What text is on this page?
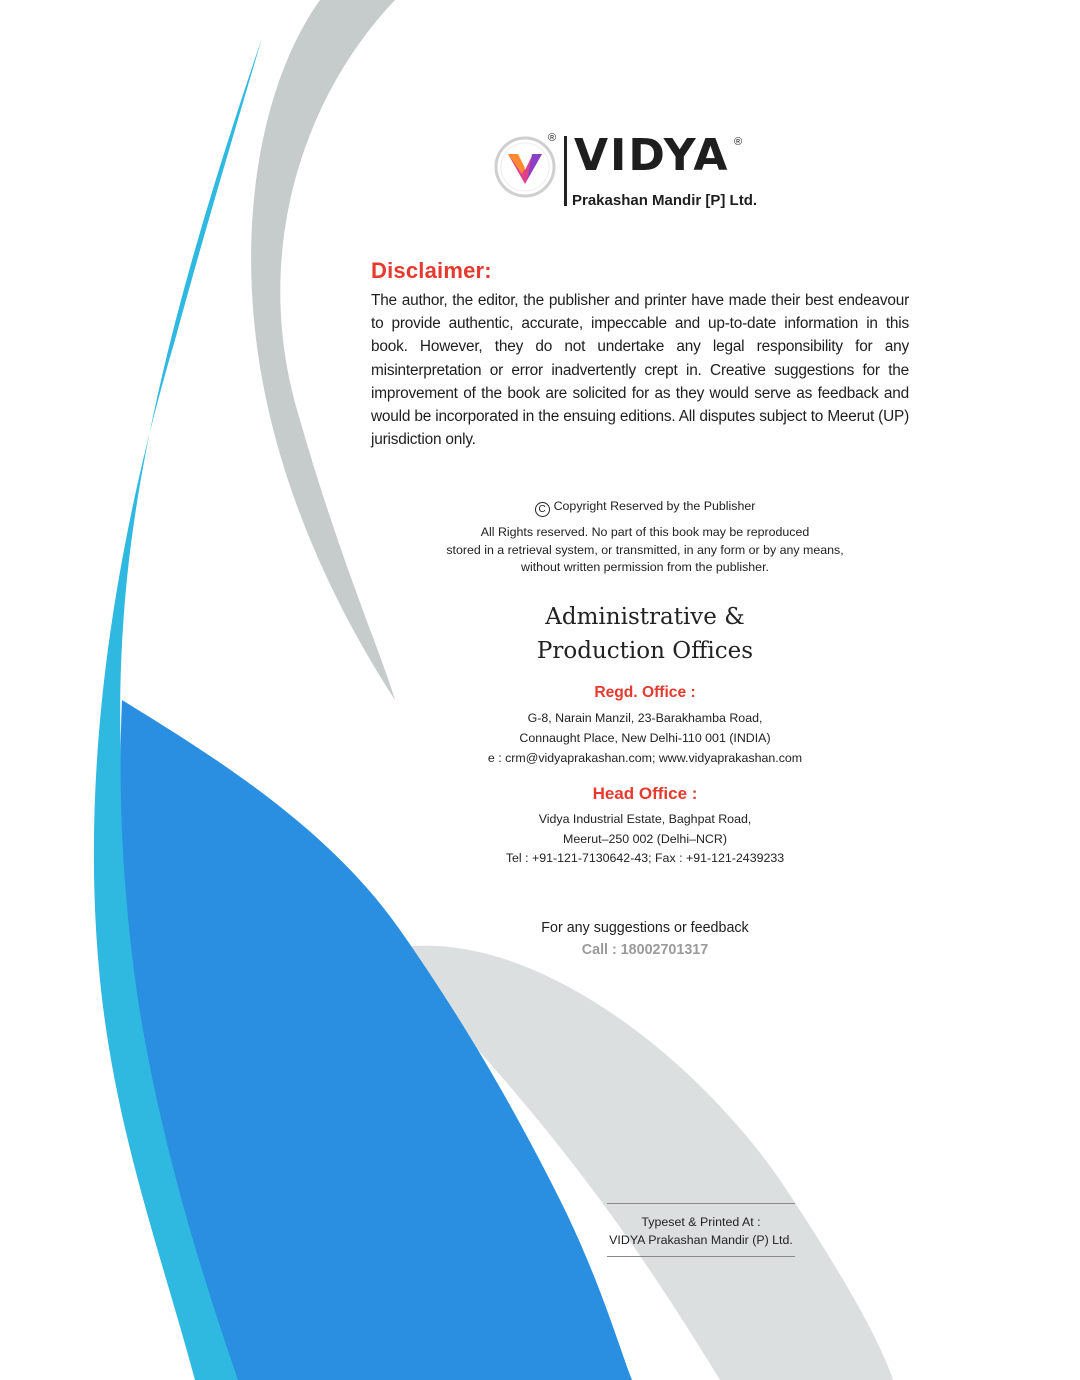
® VIDYA ®
Prakashan Mandir [P] Ltd.
Disclaimer:
The author, the editor, the publisher and printer have made their best endeavour to provide authentic, accurate, impeccable and up-to-date information in this book. However, they do not undertake any legal responsibility for any misinterpretation or error inadvertently crept in. Creative suggestions for the improvement of the book are solicited for as they would serve as feedback and would be incorporated in the ensuing editions. All disputes subject to Meerut (UP) jurisdiction only.
C Copyright Reserved by the Publisher
All Rights reserved. No part of this book may be reproduced
stored in a retrieval system, or transmitted, in any form or by any means,
without written permission from the publisher.
Administrative &
Production Offices
Regd. Office :
G-8, Narain Manzil, 23-Barakhamba Road,
Connaught Place, New Delhi-110 001 (INDIA)
e : crm@vidyaprakashan.com; www.vidyaprakashan.com
Head Office :
Vidya Industrial Estate, Baghpat Road,
Meerut–250 002 (Delhi–NCR)
Tel : +91-121-7130642-43; Fax : +91-121-2439233
For any suggestions or feedback
Call : 18002701317
Typeset & Printed At :
VIDYA Prakashan Mandir (P) Ltd.
